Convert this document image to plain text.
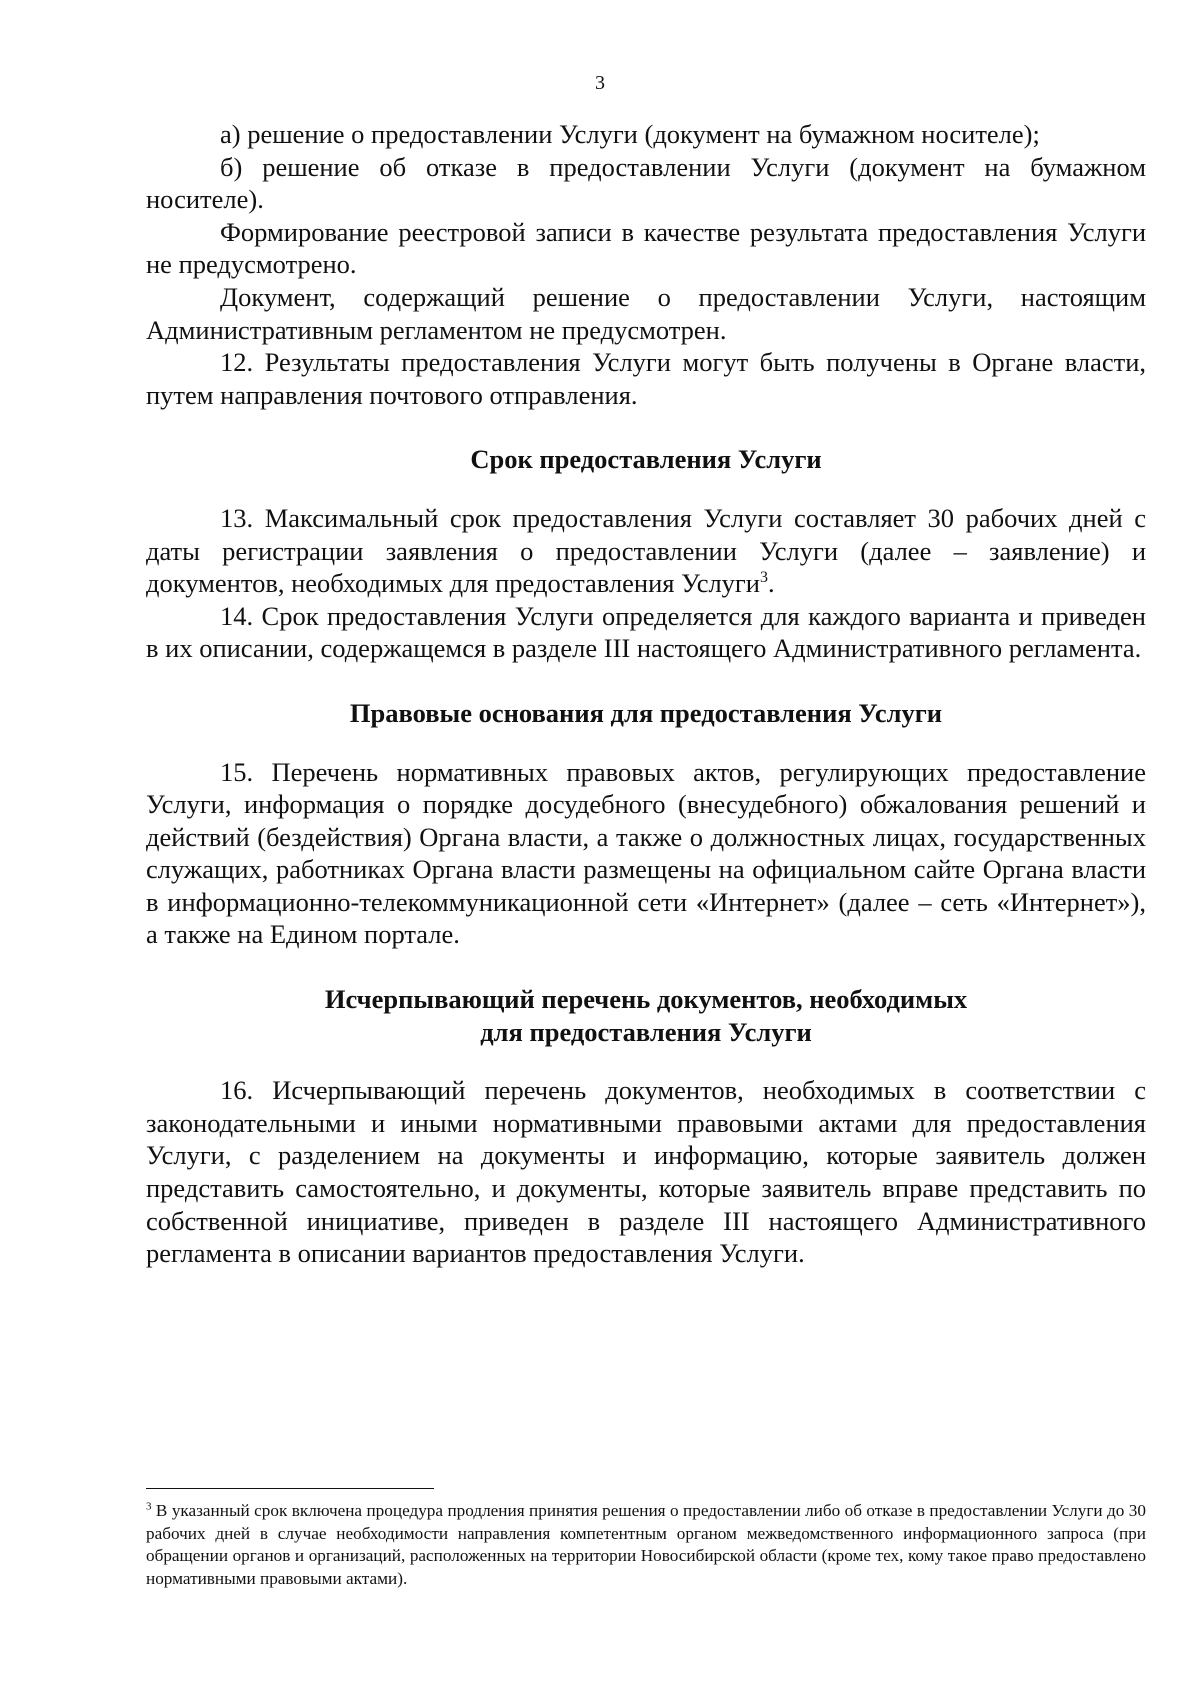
3

а) решение о предоставлении Услуги (документ на бумажном носителе);

б) решение об отказе в предоставлении Услуги (документ на бумажном носителе).

Формирование реестровой записи в качестве результата предоставления Услуги не предусмотрено.

Документ, содержащий решение о предоставлении Услуги, настоящим Административным регламентом не предусмотрен.

12. Результаты предоставления Услуги могут быть получены в Органе власти, путем направления почтового отправления.

Срок предоставления Услуги

13. Максимальный срок предоставления Услуги составляет 30 рабочих дней с даты регистрации заявления о предоставлении Услуги (далее – заявление) и документов, необходимых для предоставления Услуги$^3$.

14. Срок предоставления Услуги определяется для каждого варианта и приведен в их описании, содержащемся в разделе III настоящего Административного регламента.

Правовые основания для предоставления Услуги

15. Перечень нормативных правовых актов, регулирующих предоставление Услуги, информация о порядке досудебного (внесудебного) обжалования решений и действий (бездействия) Органа власти, а также о должностных лицах, государственных служащих, работниках Органа власти размещены на официальном сайте Органа власти в информационно-телекоммуникационной сети «Интернет» (далее – сеть «Интернет»), а также на Едином портале.

Исчерпывающий перечень документов, необходимых
для предоставления Услуги

16. Исчерпывающий перечень документов, необходимых в соответствии с законодательными и иными нормативными правовыми актами для предоставления Услуги, с разделением на документы и информацию, которые заявитель должен представить самостоятельно, и документы, которые заявитель вправе представить по собственной инициативе, приведен в разделе III настоящего Административного регламента в описании вариантов предоставления Услуги.

$^3$ В указанный срок включена процедура продления принятия решения о предоставлении либо об отказе в предоставлении Услуги до 30 рабочих дней в случае необходимости направления компетентным органом межведомственного информационного запроса (при обращении органов и организаций, расположенных на территории Новосибирской области (кроме тех, кому такое право предоставлено нормативными правовыми актами).
